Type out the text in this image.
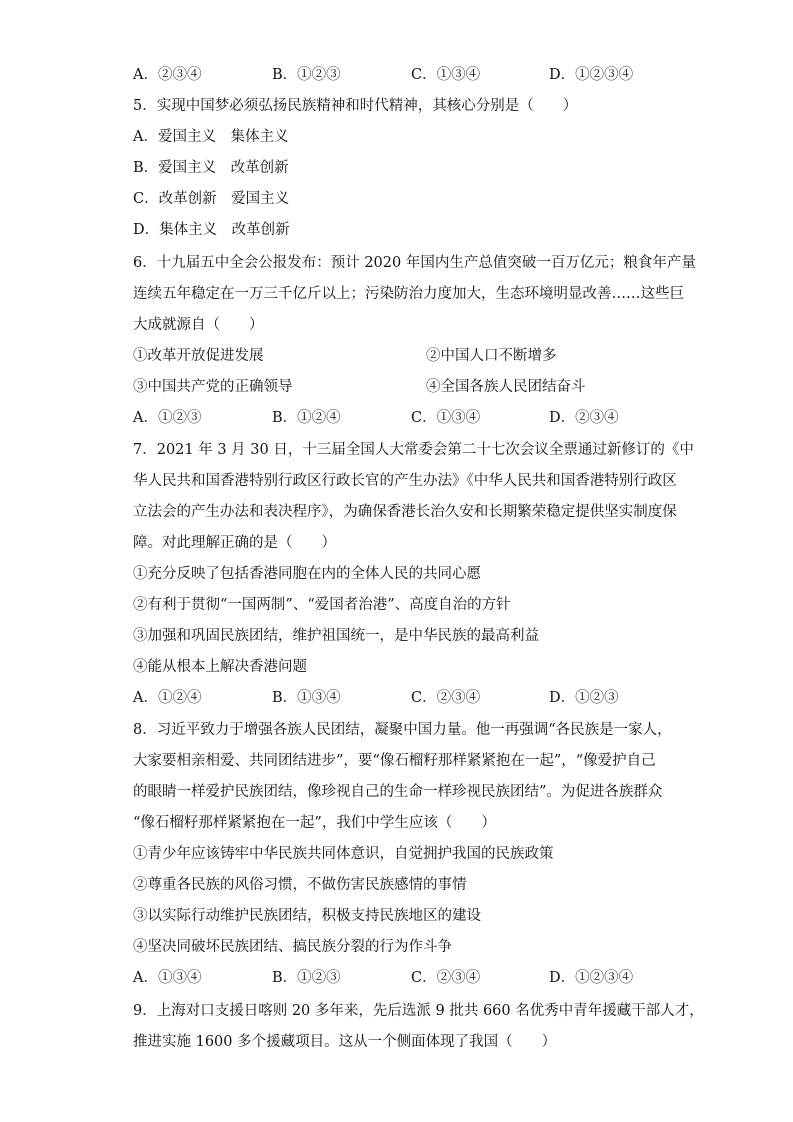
A．②③④	B．①②③	C．①③④	D．①②③④
5．实现中国梦必须弘扬民族精神和时代精神，其核心分别是（　　）
A．爱国主义　集体主义
B．爱国主义　改革创新
C．改革创新　爱国主义
D．集体主义　改革创新
6．十九届五中全会公报发布：预计 2020 年国内生产总值突破一百万亿元；粮食年产量
连续五年稳定在一万三千亿斤以上；污染防治力度加大，生态环境明显改善……这些巨
大成就源自（　　）
①改革开放促进发展	②中国人口不断增多
③中国共产党的正确领导	④全国各族人民团结奋斗
A．①②③	B．①②④	C．①③④	D．②③④
7．2021 年 3 月 30 日，十三届全国人大常委会第二十七次会议全票通过新修订的《中
华人民共和国香港特别行政区行政长官的产生办法》《中华人民共和国香港特别行政区
立法会的产生办法和表决程序》，为确保香港长治久安和长期繁荣稳定提供坚实制度保
障。对此理解正确的是（　　）
①充分反映了包括香港同胞在内的全体人民的共同心愿
②有利于贯彻“一国两制”、“爱国者治港”、高度自治的方针
③加强和巩固民族团结，维护祖国统一，是中华民族的最高利益
④能从根本上解决香港问题
A．①②④	B．①③④	C．②③④	D．①②③
8．习近平致力于增强各族人民团结，凝聚中国力量。他一再强调“各民族是一家人，
大家要相亲相爱、共同团结进步”，要“像石榴籽那样紧紧抱在一起”，“像爱护自己
的眼睛一样爱护民族团结，像珍视自己的生命一样珍视民族团结”。为促进各族群众
“像石榴籽那样紧紧抱在一起”，我们中学生应该（　　）
①青少年应该铸牢中华民族共同体意识，自觉拥护我国的民族政策
②尊重各民族的风俗习惯，不做伤害民族感情的事情
③以实际行动维护民族团结，积极支持民族地区的建设
④坚决同破坏民族团结、搞民族分裂的行为作斗争
A．①③④	B．①②③	C．②③④	D．①②③④
9．上海对口支援日喀则 20 多年来，先后选派 9 批共 660 名优秀中青年援藏干部人才，
推进实施 1600 多个援藏项目。这从一个侧面体现了我国（　　）
